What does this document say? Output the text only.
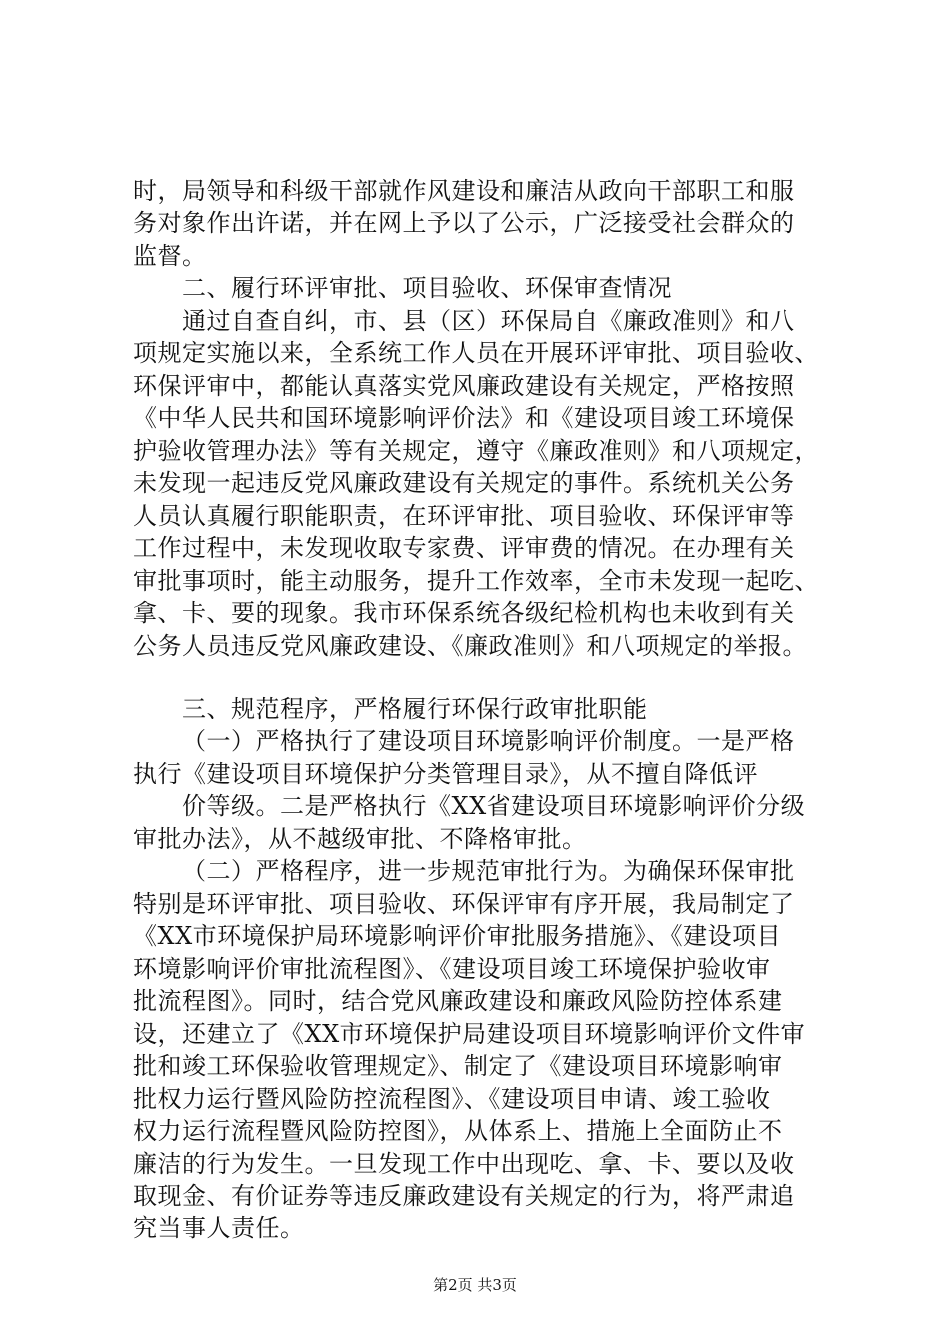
时，局领导和科级干部就作风建设和廉洁从政向干部职工和服

务对象作出许诺，并在网上予以了公示，广泛接受社会群众的

监督。

二、履行环评审批、项目验收、环保审查情况

通过自查自纠，市、县（区）环保局自《廉政准则》和八

项规定实施以来，全系统工作人员在开展环评审批、项目验收、

环保评审中，都能认真落实党风廉政建设有关规定，严格按照

《中华人民共和国环境影响评价法》和《建设项目竣工环境保

护验收管理办法》等有关规定，遵守《廉政准则》和八项规定，

未发现一起违反党风廉政建设有关规定的事件。系统机关公务

人员认真履行职能职责，在环评审批、项目验收、环保评审等

工作过程中，未发现收取专家费、评审费的情况。在办理有关

审批事项时，能主动服务，提升工作效率，全市未发现一起吃、

拿、卡、要的现象。我市环保系统各级纪检机构也未收到有关

公务人员违反党风廉政建设、《廉政准则》和八项规定的举报。

三、规范程序，严格履行环保行政审批职能

（一）严格执行了建设项目环境影响评价制度。一是严格

执行《建设项目环境保护分类管理目录》，从不擅自降低评

价等级。二是严格执行《XX省建设项目环境影响评价分级

审批办法》，从不越级审批、不降格审批。

（二）严格程序，进一步规范审批行为。为确保环保审批

特别是环评审批、项目验收、环保评审有序开展，我局制定了

《XX市环境保护局环境影响评价审批服务措施》、《建设项目

环境影响评价审批流程图》、《建设项目竣工环境保护验收审

批流程图》。同时，结合党风廉政建设和廉政风险防控体系建

设，还建立了《XX市环境保护局建设项目环境影响评价文件审

批和竣工环保验收管理规定》、制定了《建设项目环境影响审

批权力运行暨风险防控流程图》、《建设项目申请、竣工验收

权力运行流程暨风险防控图》，从体系上、措施上全面防止不

廉洁的行为发生。一旦发现工作中出现吃、拿、卡、要以及收

取现金、有价证券等违反廉政建设有关规定的行为，将严肃追

究当事人责任。

第2页 共3页
